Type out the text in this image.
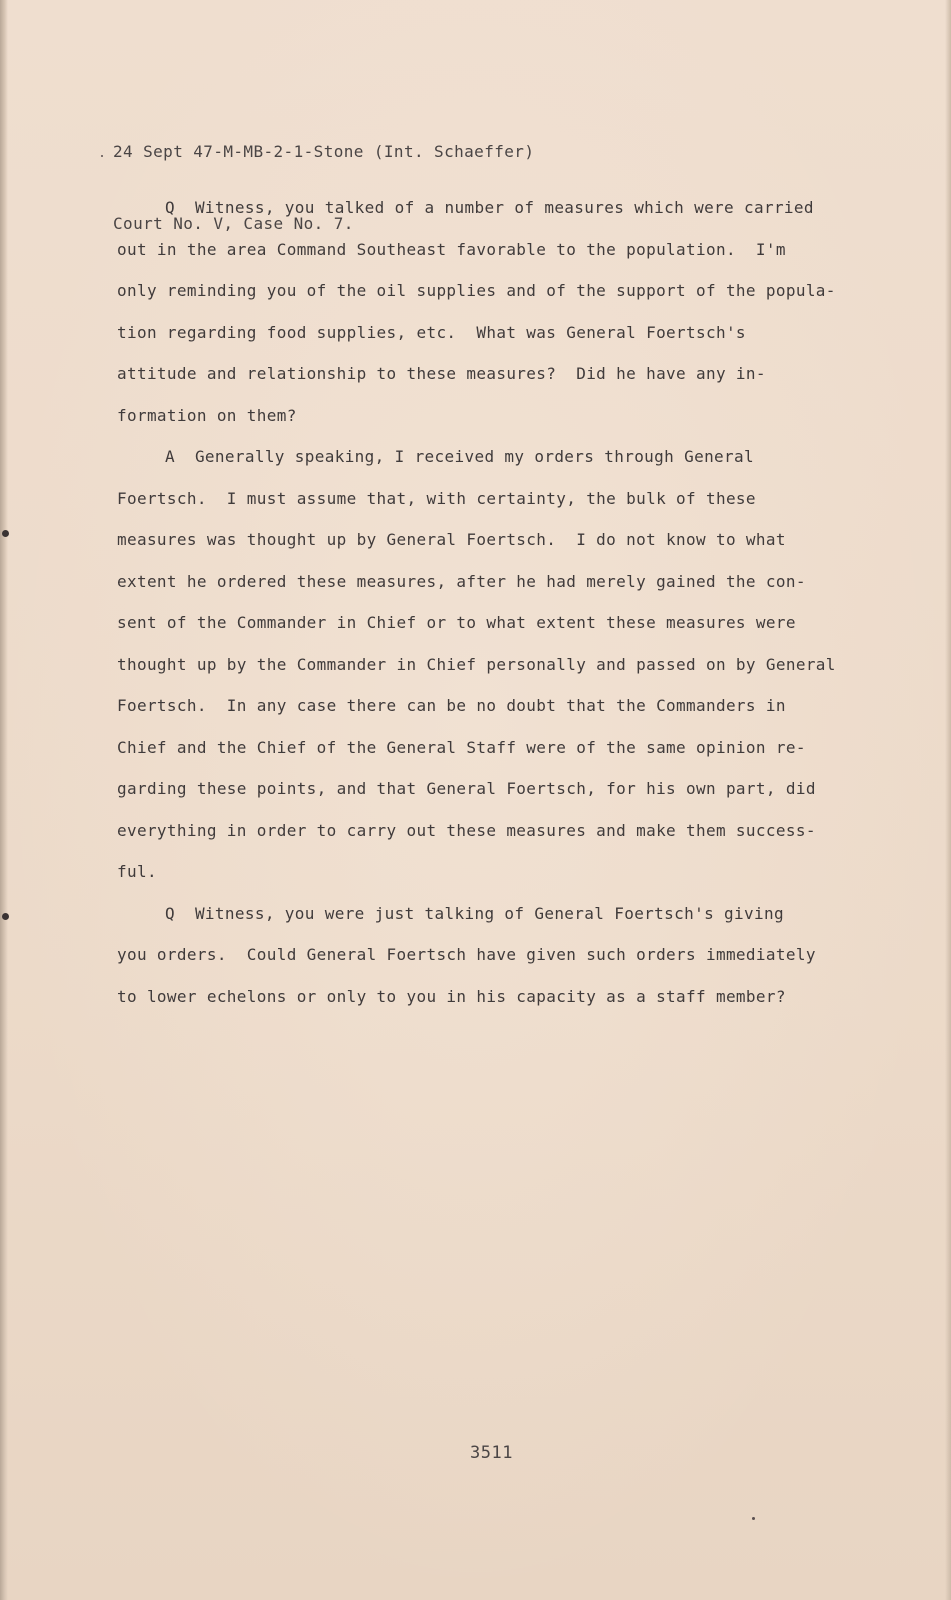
24 Sept 47-M-MB-2-1-Stone (Int. Schaeffer)

Court No. V, Case No. 7.

Q  Witness, you talked of a number of measures which were carried
out in the area Command Southeast favorable to the population.  I'm
only reminding you of the oil supplies and of the support of the popula-
tion regarding food supplies, etc.  What was General Foertsch's
attitude and relationship to these measures?  Did he have any in-
formation on them?
A  Generally speaking, I received my orders through General
Foertsch.  I must assume that, with certainty, the bulk of these
measures was thought up by General Foertsch.  I do not know to what
extent he ordered these measures, after he had merely gained the con-
sent of the Commander in Chief or to what extent these measures were
thought up by the Commander in Chief personally and passed on by General
Foertsch.  In any case there can be no doubt that the Commanders in
Chief and the Chief of the General Staff were of the same opinion re-
garding these points, and that General Foertsch, for his own part, did
everything in order to carry out these measures and make them success-
ful.
Q  Witness, you were just talking of General Foertsch's giving
you orders.  Could General Foertsch have given such orders immediately
to lower echelons or only to you in his capacity as a staff member?
3511
